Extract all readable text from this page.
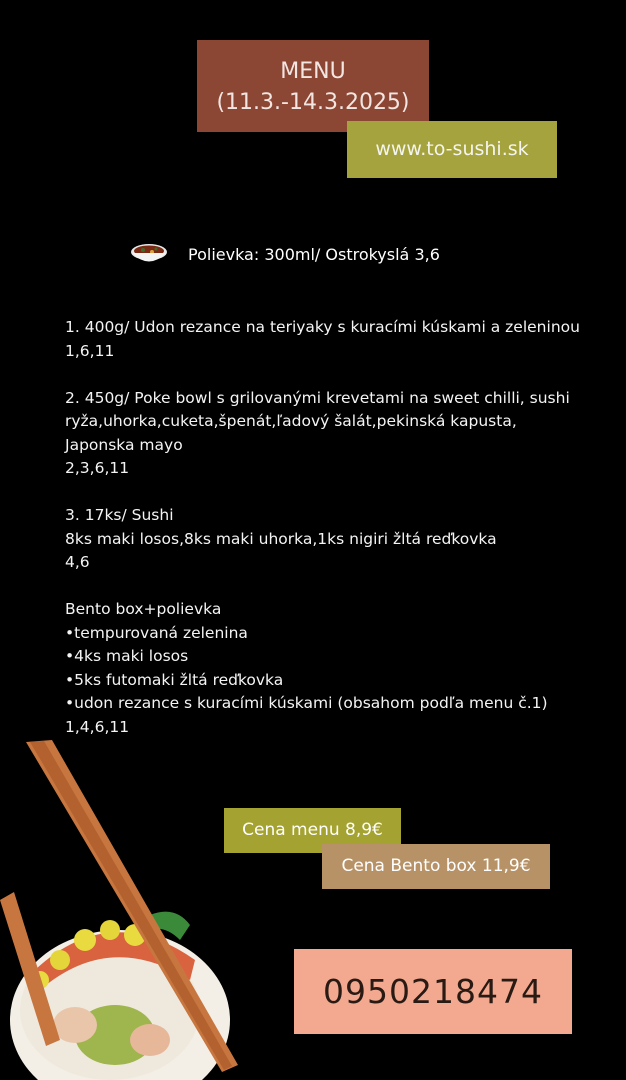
MENU
(11.3.-14.3.2025)
www.to-sushi.sk
Polievka: 300ml/ Ostrokyslá 3,6

1. 400g/ Udon rezance na teriyaky s kuracími kúskami a zeleninou

1,6,11

2. 450g/ Poke bowl s grilovanými krevetami na sweet chilli, sushi

ryža,uhorka,cuketa,špenát,ľadový šalát,pekinská kapusta,

Japonska mayo

2,3,6,11

3. 17ks/ Sushi

8ks maki losos,8ks maki uhorka,1ks nigiri žltá reďkovka

4,6

Bento box+polievka

•tempurovaná zelenina

•4ks maki losos

•5ks futomaki žltá reďkovka

•udon rezance s kuracími kúskami (obsahom podľa menu č.1)

1,4,6,11

Cena menu 8,9€
Cena Bento box 11,9€
0950218474
